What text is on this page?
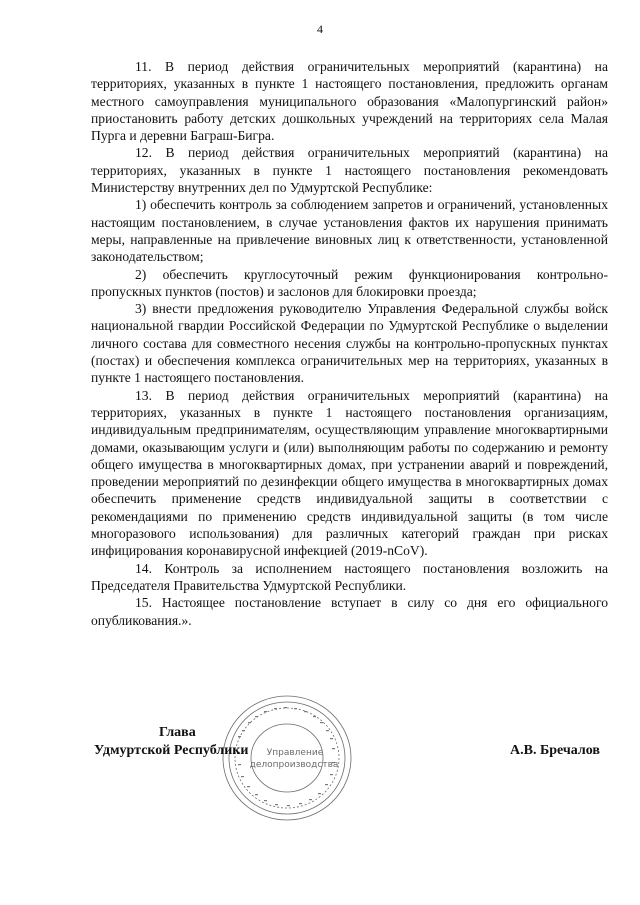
4

11. В период действия ограничительных мероприятий (карантина) на территориях, указанных в пункте 1 настоящего постановления, предложить органам местного самоуправления муниципального образования «Малопургинский район» приостановить работу детских дошкольных учреждений на территориях села Малая Пурга и деревни Баграш-Бигра.

12. В период действия ограничительных мероприятий (карантина) на территориях, указанных в пункте 1 настоящего постановления рекомендовать Министерству внутренних дел по Удмуртской Республике:

1) обеспечить контроль за соблюдением запретов и ограничений, установленных настоящим постановлением, в случае установления фактов их нарушения принимать меры, направленные на привлечение виновных лиц к ответственности, установленной законодательством;

2) обеспечить круглосуточный режим функционирования контрольно-пропускных пунктов (постов) и заслонов для блокировки проезда;

3) внести предложения руководителю Управления Федеральной службы войск национальной гвардии Российской Федерации по Удмуртской Республике о выделении личного состава для совместного несения службы на контрольно-пропускных пунктах (постах) и обеспечения комплекса ограничительных мер на территориях, указанных в пункте 1 настоящего постановления.

13. В период действия ограничительных мероприятий (карантина) на территориях, указанных в пункте 1 настоящего постановления организациям, индивидуальным предпринимателям, осуществляющим управление многоквартирными домами, оказывающим услуги и (или) выполняющим работы по содержанию и ремонту общего имущества в многоквартирных домах, при устранении аварий и повреждений, проведении мероприятий по дезинфекции общего имущества в многоквартирных домах обеспечить применение средств индивидуальной защиты в соответствии с рекомендациями по применению средств индивидуальной защиты (в том числе многоразового использования) для различных категорий граждан при рисках инфицирования коронавирусной инфекцией (2019-nCoV).

14. Контроль за исполнением настоящего постановления возложить на Председателя Правительства Удмуртской Республики.

15. Настоящее постановление вступает в силу со дня его официального опубликования.».

Управление
делопроизводства
Глава
Удмуртской Республики	А.В. Бречалов
